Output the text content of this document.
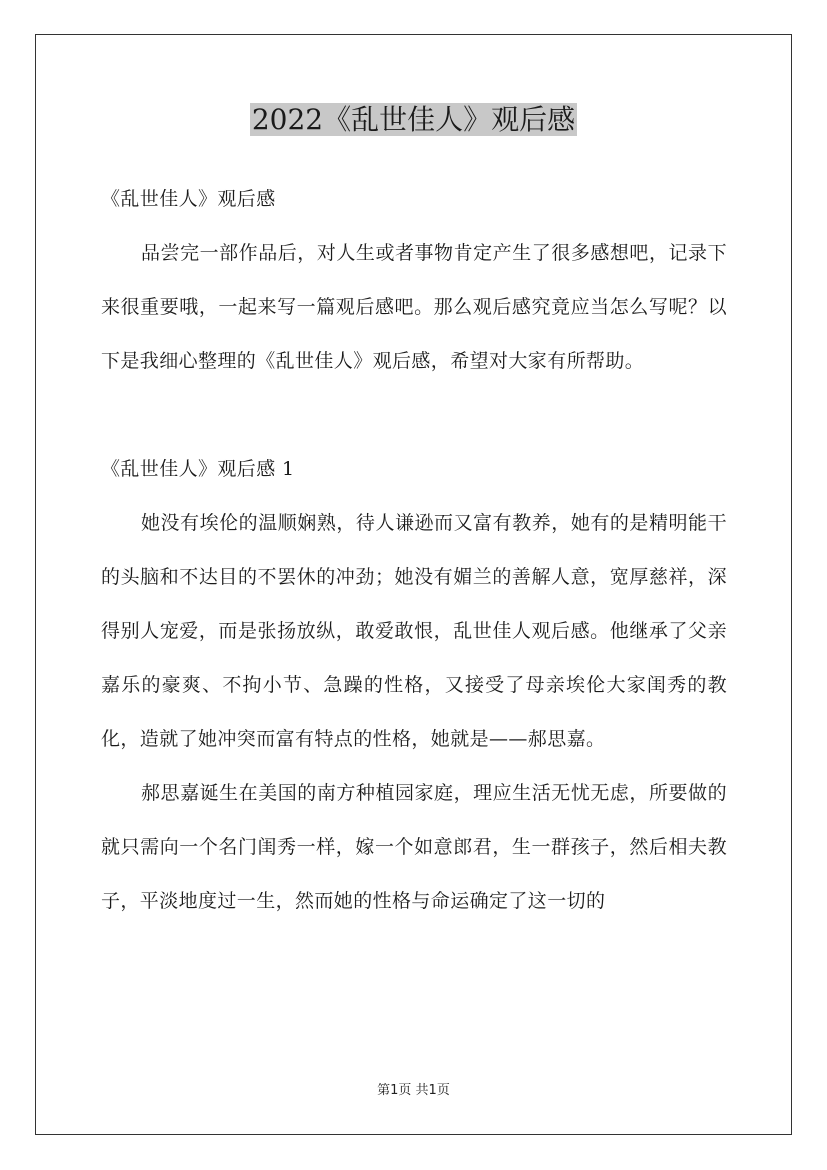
2022《乱世佳人》观后感

《乱世佳人》观后感

品尝完一部作品后，对人生或者事物肯定产生了很多感想吧，记录下来很重要哦，一起来写一篇观后感吧。那么观后感究竟应当怎么写呢？以下是我细心整理的《乱世佳人》观后感，希望对大家有所帮助。

《乱世佳人》观后感 1

她没有埃伦的温顺娴熟，待人谦逊而又富有教养，她有的是精明能干的头脑和不达目的不罢休的冲劲；她没有媚兰的善解人意，宽厚慈祥，深得别人宠爱，而是张扬放纵，敢爱敢恨，乱世佳人观后感。他继承了父亲嘉乐的豪爽、不拘小节、急躁的性格，又接受了母亲埃伦大家闺秀的教化，造就了她冲突而富有特点的性格，她就是——郝思嘉。

郝思嘉诞生在美国的南方种植园家庭，理应生活无忧无虑，所要做的就只需向一个名门闺秀一样，嫁一个如意郎君，生一群孩子，然后相夫教子，平淡地度过一生，然而她的性格与命运确定了这一切的

第1页 共1页
